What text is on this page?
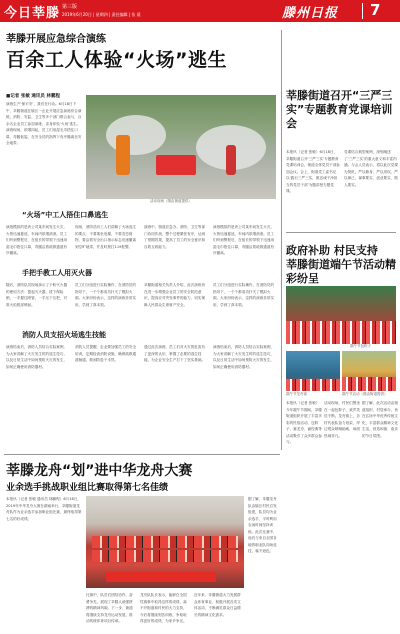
今日莘滕 第三版
2019年6月20日 | 星期四 | 责任编辑 | 张 晨	滕州日报 7
莘滕开展应急综合演练
百余工人体验“火场”逃生
■记者 张敏 通讯员 林鹏程
演练生产‘保平安’，我们在行动。6月18日下午，莘滕街道在辖区一企业开展应急演练综合演练，消防、安监、卫生等多个部门联合参与，百余名企业员工参加演练，亲身体验‘火场’逃生。演练现场，浓烟四起，员工们用湿毛巾捂住口鼻、弯腰低姿，在安全员的指挥下有序撤离至安全地带。
活动现场（图由街道提供）
“火场”中工人捂住口鼻逃生
演练模拟的是该公司某车间发生火灾，火势迅速蔓延，车间内浓烟滚滚。员工们听到警报后，在组长的带领下迅速用湿毛巾捂住口鼻，弯腰沿着疏散通道有序撤离。
现场，消防员向工人们讲解了火场逃生的要点：不要乘坐电梯，不要贪恋财物，要沿着安全出口指示标志迅速撤离到空旷地带，并及时拨打119报警。
演练中，街道应急办、消防、卫生等部门协同作战，整个过程紧张有序，达到了预期效果，提高了员工的安全意识和自救互救能力。
演练模拟的是该公司某车间发生火灾，火势迅速蔓延，车间内浓烟滚滚。员工们听到警报后，在组长的带领下迅速用湿毛巾捂住口鼻，弯腰沿着疏散通道有序撤离。
手把手教工人用灭火器
随后，消防队员现场演示了干粉灭火器的使用方法：提起灭火器，拔下保险销，一手握住喷管，一手压下压把，对准火焰根部喷射。
员工们分组进行实际操作，在消防员的指导下，一个个都成功扑灭了模拟火源。大家纷纷表示，这样的演练非常实用，学到了真本领。
莘滕街道相关负责人介绍，此次演练旨在进一步增强企业员工的安全防范意识，提高应对突发事件的能力，切实保障人民群众生命财产安全。
员工们分组进行实际操作，在消防员的指导下，一个个都成功扑灭了模拟火源。大家纷纷表示，这样的演练非常实用，学到了真本领。
消防人员支招火场逃生技能
演练结束后，消防人员结合实际案例，为大家讲解了火灾发生时的逃生技巧，以及日常生活中如何预防火灾的发生，如何正确使用消防器材。
消防人员提醒，企业要加强员工的安全培训，定期检查消防设施，确保疏散通道畅通，做到防患于未然。
通过此次演练，员工们对火灾的危害有了更深的认识，掌握了必要的逃生技能，为企业安全生产打下了坚实基础。
演练结束后，消防人员结合实际案例，为大家讲解了火灾发生时的逃生技巧，以及日常生活中如何预防火灾的发生，如何正确使用消防器材。
莘滕街道召开“三严三实”专题教育党课培训会
本报讯（记者 张敏）6月18日，莘滕街道召开‘三严三实’专题教育党课培训会，街道全体党员干部参加会议。会上，街道党工委书记以‘践行三严三实，做忠诚干净担当的党员干部’为题讲授专题党课。
党课结合典型案例，深刻阐述了‘三严三实’的重大意义和丰富内涵。与会人员表示，将以此次党课为契机，严以修身、严以用权、严以律己，谋事要实、创业要实、做人要实。
政府补助 村民支持
莘滕街道端午节活动精彩纷呈
端午节包粽子
端午节龙舟赛	端午节活动（图由街道提供）
本报讯（记者 张敏）今年端午节期间，莘滕街道组织开展了丰富多彩的民俗活动，包粽子、赛龙舟、诵经典等活动吸引了众多群众参与。
活动现场，村民们围坐在一起包粽子，欢声笑语不断。龙舟赛上，各村代表队奋力划桨，岸边观众呐喊助威，场面热闹非凡。
据了解，此次活动由街道组织、村居承办，旨在弘扬中华优秀传统文化，丰富群众精神文化生活，营造和谐、欢乐的节日氛围。
莘滕龙舟“划”进中华龙舟大赛
业余选手挑战职业组比赛取得第七名佳绩
本报讯（记者 张敏 通讯员 林鹏程）6月16日，2019年中华龙舟大赛在湖南举行，莘滕街道龙舟队作为业余选手参加职业组比赛，最终取得第七名的好成绩。
据了解，莘滕龙舟队由辖区村民自发组建，队员均为业余选手，平时利用农闲时间坚持训练。此次比赛中，他们与来自全国各地的职业队同场竞技，毫不逊色。
比赛中，队员们团结协作，奋勇争先，展现了莘滕人顽强拼搏的精神风貌。下一步，街道将继续支持龙舟运动发展，推动传统体育项目传承。
龙舟队队长表示，能够在全国性赛事中取得这样的成绩，离不开街道和村民的大力支持，今后将继续刻苦训练，争取取得更好的成绩，为家乡争光。
近年来，莘滕街道大力发展群众体育事业，积极开展各类文体活动，不断满足群众日益增长的精神文化需求。
